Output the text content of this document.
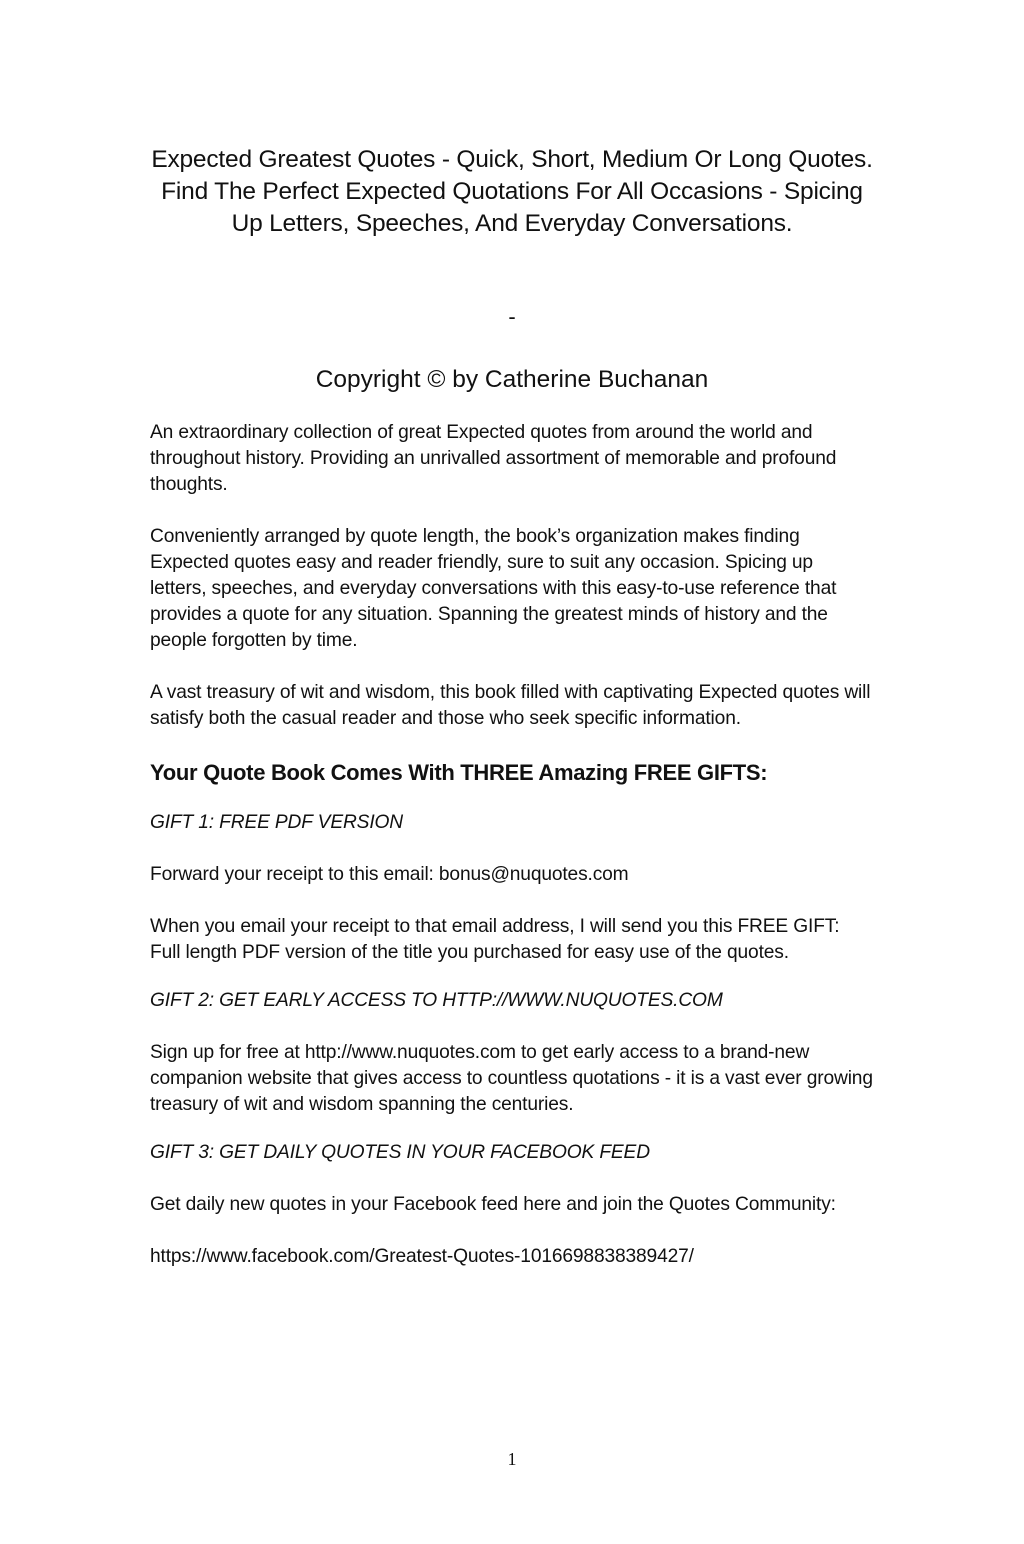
Expected Greatest Quotes - Quick, Short, Medium Or Long Quotes. Find The Perfect Expected Quotations For All Occasions - Spicing Up Letters, Speeches, And Everyday Conversations.
-
Copyright © by Catherine Buchanan

An extraordinary collection of great Expected quotes from around the world and throughout history. Providing an unrivalled assortment of memorable and profound thoughts.

Conveniently arranged by quote length, the book’s organization makes finding Expected quotes easy and reader friendly, sure to suit any occasion. Spicing up letters, speeches, and everyday conversations with this easy-to-use reference that provides a quote for any situation. Spanning the greatest minds of history and the people forgotten by time.

A vast treasury of wit and wisdom, this book filled with captivating Expected quotes will satisfy both the casual reader and those who seek specific information.

Your Quote Book Comes With THREE Amazing FREE GIFTS:

GIFT 1: FREE PDF VERSION

Forward your receipt to this email: bonus@nuquotes.com

When you email your receipt to that email address, I will send you this FREE GIFT: Full length PDF version of the title you purchased for easy use of the quotes.

GIFT 2: GET EARLY ACCESS TO HTTP://WWW.NUQUOTES.COM

Sign up for free at http://www.nuquotes.com to get early access to a brand-new companion website that gives access to countless quotations - it is a vast ever growing treasury of wit and wisdom spanning the centuries.

GIFT 3: GET DAILY QUOTES IN YOUR FACEBOOK FEED

Get daily new quotes in your Facebook feed here and join the Quotes Community:

https://www.facebook.com/Greatest-Quotes-1016698838389427/

1
